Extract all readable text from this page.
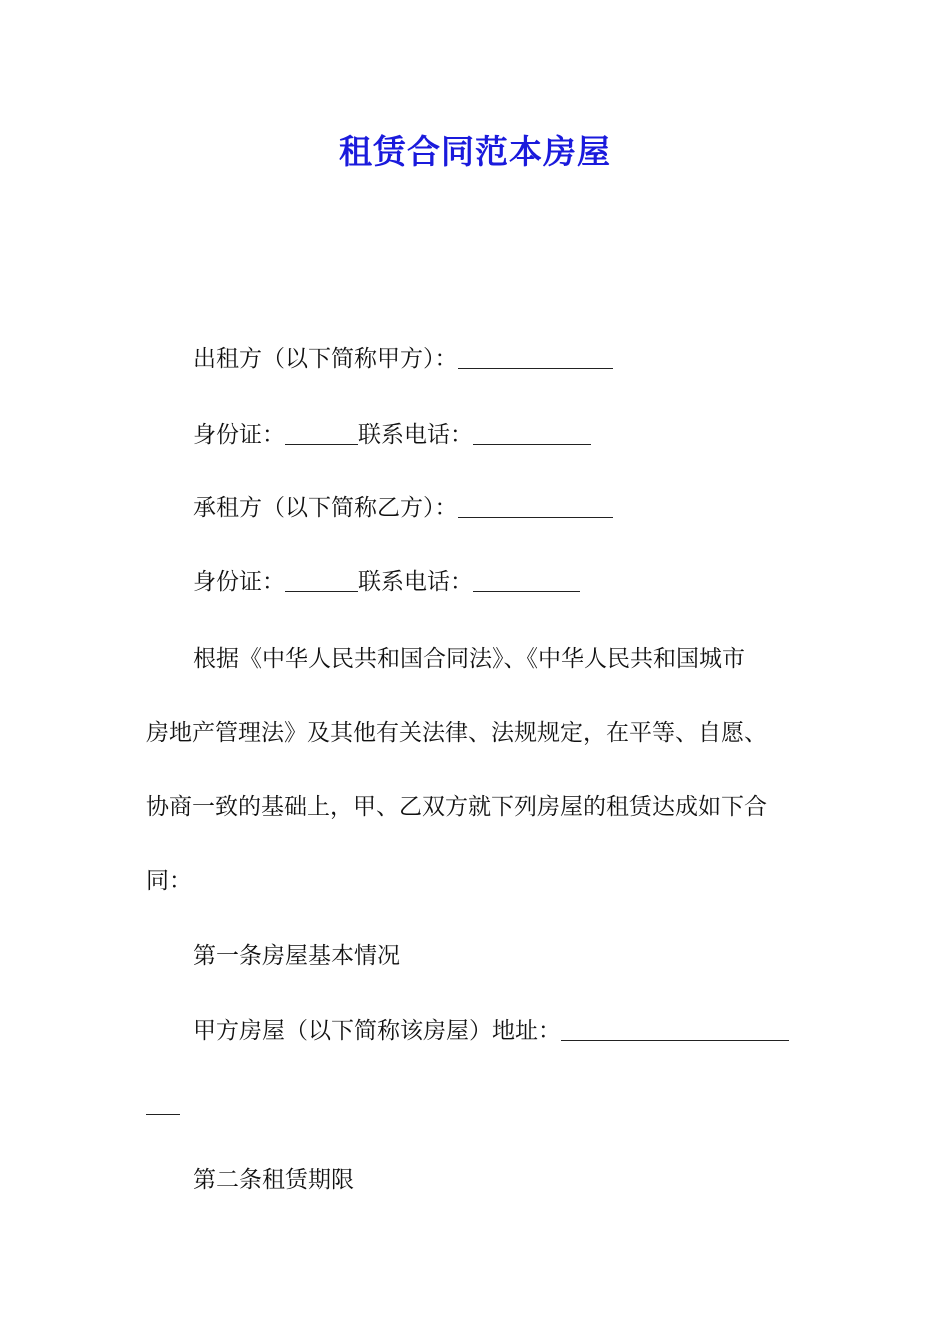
租赁合同范本房屋
出租方（以下简称甲方）：
身份证：	联系电话：
承租方（以下简称乙方）：
身份证：	联系电话：
根据《中华人民共和国合同法》、《中华人民共和国城市
房地产管理法》及其他有关法律、法规规定，在平等、自愿、
协商一致的基础上，甲、乙双方就下列房屋的租赁达成如下合
同：
第一条房屋基本情况
甲方房屋（以下简称该房屋）地址：
第二条租赁期限
